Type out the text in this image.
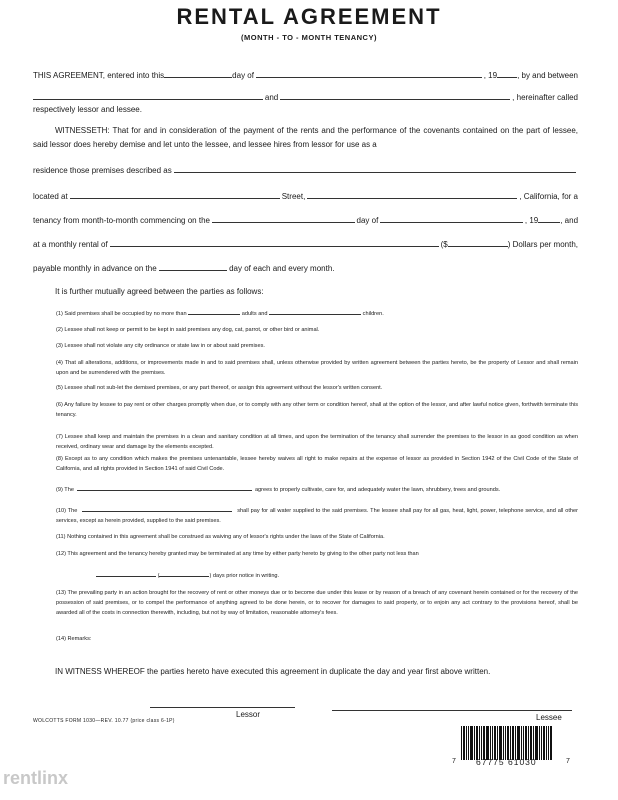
RENTAL AGREEMENT
(MONTH - TO - MONTH TENANCY)
THIS AGREEMENT, entered into this	day of	, 19	, by and between
and	, hereinafter called
respectively lessor and lessee.
WITNESSETH: That for and in consideration of the payment of the rents and the performance of the covenants contained on the part of lessee, said lessor does hereby demise and let unto the lessee, and lessee hires from lessor for use as a
residence those premises described as
located at	Street,	, California, for a
tenancy from month-to-month commencing on the	day of	, 19	, and
at a monthly rental of	($	) Dollars per month,
payable monthly in advance on the	day of each and every month.
It is further mutually agreed between the parties as follows:
(1) Said premises shall be occupied by no more than	adults and	children.
(2) Lessee shall not keep or permit to be kept in said premises any dog, cat, parrot, or other bird or animal.
(3) Lessee shall not violate any city ordinance or state law in or about said premises.
(4) That all alterations, additions, or improvements made in and to said premises shall, unless otherwise provided by written agreement between the parties hereto, be the property of Lessor and shall remain upon and be surrendered with the premises.
(5) Lessee shall not sub-let the demised premises, or any part thereof, or assign this agreement without the lessor's written consent.
(6) Any failure by lessee to pay rent or other charges promptly when due, or to comply with any other term or condition hereof, shall at the option of the lessor, and after lawful notice given, forthwith terminate this tenancy.
(7) Lessee shall keep and maintain the premises in a clean and sanitary condition at all times, and upon the termination of the tenancy shall surrender the premises to the lessor in as good condition as when received, ordinary wear and damage by the elements excepted.
(8) Except as to any condition which makes the premises untenantable, lessee hereby waives all right to make repairs at the expense of lessor as provided in Section 1942 of the Civil Code of the State of California, and all rights provided in Section 1941 of said Civil Code.
(9) The	agrees to properly cultivate, care for, and adequately water the lawn, shrubbery, trees and grounds.
(10) The	shall pay for all water supplied to the said premises. The lessee shall pay for all gas, heat, light, power, telephone service, and all other services, except as herein provided, supplied to the said premises.
(11) Nothing contained in this agreement shall be construed as waiving any of lessor's rights under the laws of the State of California.
(12) This agreement and the tenancy hereby granted may be terminated at any time by either party hereto by giving to the other party not less than
(	) days prior notice in writing.
(13) The prevailing party in an action brought for the recovery of rent or other moneys due or to become due under this lease or by reason of a breach of any covenant herein contained or for the recovery of the possession of said premises, or to compel the performance of anything agreed to be done herein, or to recover for damages to said property, or to enjoin any act contrary to the provisions hereof, shall be awarded all of the costs in connection therewith, including, but not by way of limitation, reasonable attorney's fees.
(14) Remarks:
IN WITNESS WHEREOF the parties hereto have executed this agreement in duplicate the day and year first above written.
Lessor	Lessee
WOLCOTTS FORM 1030—REV. 10.77 (price class 6-1P)
7 67775 61030	7
rentlinx
